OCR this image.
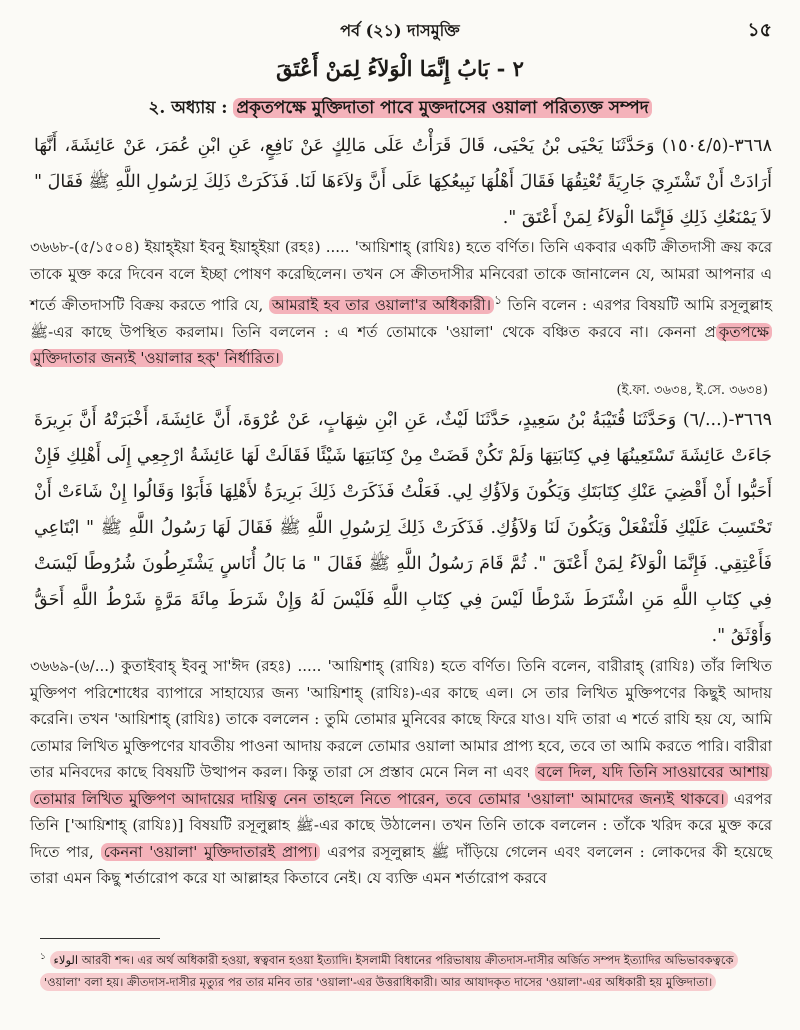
পর্ব (২১) দাসমুক্তি	১৫
٢ - بَابُ إِنَّمَا الْوَلاَءُ لِمَنْ أَعْتَقَ
২. অধ্যায় : প্রকৃতপক্ষে মুক্তিদাতা পাবে মুক্তদাসের ওয়ালা পরিত্যক্ত সম্পদ
٣٦٦٨-(١٥٠٤/٥) وَحَدَّثَنَا يَحْيَى بْنُ يَحْيَى، قَالَ قَرَأْتُ عَلَى مَالِكٍ عَنْ نَافِعٍ، عَنِ ابْنِ عُمَرَ، عَنْ عَائِشَةَ، أَنَّهَا أَرَادَتْ أَنْ تَشْتَرِيَ جَارِيَةً تُعْتِقُهَا فَقَالَ أَهْلُهَا نَبِيعُكِهَا عَلَى أَنَّ وَلاَءَهَا لَنَا. فَذَكَرَتْ ذَلِكَ لِرَسُولِ اللَّهِ ﷺ فَقَالَ " لاَ يَمْنَعُكِ ذَلِكِ فَإِنَّمَا الْوَلاَءُ لِمَنْ أَعْتَقَ ".
৩৬৬৮-(৫/১৫০৪) ইয়াহ্ইয়া ইবনু ইয়াহ্ইয়া (রহঃ) ..... 'আয়িশাহ্ (রাযিঃ) হতে বর্ণিত। তিনি একবার একটি ক্রীতদাসী ক্রয় করে তাকে মুক্ত করে দিবেন বলে ইচ্ছা পোষণ করেছিলেন। তখন সে ক্রীতদাসীর মনিবেরা তাকে জানালেন যে, আমরা আপনার এ শর্তে ক্রীতদাসটি বিক্রয় করতে পারি যে, আমরাই হব তার ওয়ালা'র অধিকারী। $^১$ তিনি বলেন : এরপর বিষয়টি আমি রসূলুল্লাহ ﷺ-এর কাছে উপস্থিত করলাম। তিনি বললেন : এ শর্ত তোমাকে 'ওয়ালা' থেকে বঞ্চিত করবে না। কেননা প্র কৃতপক্ষে মুক্তিদাতার জন্যই 'ওয়ালার হক্' নির্ধারিত।
(ই.ফা. ৩৬৩৪, ই.সে. ৩৬৩৪)
٣٦٦٩-(.../٦) وَحَدَّثَنَا قُتَيْبَةُ بْنُ سَعِيدٍ، حَدَّثَنَا لَيْثٌ، عَنِ ابْنِ شِهَابٍ، عَنْ عُرْوَةَ، أَنَّ عَائِشَةَ، أَخْبَرَتْهُ أَنَّ بَرِيرَةَ جَاءَتْ عَائِشَةَ تَسْتَعِينُهَا فِي كِتَابَتِهَا وَلَمْ تَكُنْ قَضَتْ مِنْ كِتَابَتِهَا شَيْئًا فَقَالَتْ لَهَا عَائِشَةُ ارْجِعِي إِلَى أَهْلِكِ فَإِنْ أَحَبُّوا أَنْ أَقْضِيَ عَنْكِ كِتَابَتَكِ وَيَكُونَ وَلاَؤُكِ لِي. فَعَلْتُ فَذَكَرَتْ ذَلِكَ بَرِيرَةُ لأَهْلِهَا فَأَبَوْا وَقَالُوا إِنْ شَاءَتْ أَنْ تَحْتَسِبَ عَلَيْكِ فَلْتَفْعَلْ وَيَكُونَ لَنَا وَلاَؤُكِ. فَذَكَرَتْ ذَلِكَ لِرَسُولِ اللَّهِ ﷺ فَقَالَ لَهَا رَسُولُ اللَّهِ ﷺ " ابْتَاعِي فَأَعْتِقِي. فَإِنَّمَا الْوَلاَءُ لِمَنْ أَعْتَقَ ". ثُمَّ قَامَ رَسُولُ اللَّهِ ﷺ فَقَالَ " مَا بَالُ أُنَاسٍ يَشْتَرِطُونَ شُرُوطًا لَيْسَتْ فِي كِتَابِ اللَّهِ مَنِ اشْتَرَطَ شَرْطًا لَيْسَ فِي كِتَابِ اللَّهِ فَلَيْسَ لَهُ وَإِنْ شَرَطَ مِائَةَ مَرَّةٍ شَرْطُ اللَّهِ أَحَقُّ وَأَوْثَقُ ".
৩৬৬৯-(৬/...) কুতাইবাহ্ ইবনু সা'ঈদ (রহঃ) ..... 'আয়িশাহ্ (রাযিঃ) হতে বর্ণিত। তিনি বলেন, বারীরাহ্ (রাযিঃ) তাঁর লিখিত মুক্তিপণ পরিশোধের ব্যাপারে সাহায্যের জন্য 'আয়িশাহ্ (রাযিঃ)-এর কাছে এল। সে তার লিখিত মুক্তিপণের কিছুই আদায় করেনি। তখন 'আয়িশাহ্ (রাযিঃ) তাকে বললেন : তুমি তোমার মুনিবের কাছে ফিরে যাও। যদি তারা এ শর্তে রাযি হয় যে, আমি তোমার লিখিত মুক্তিপণের যাবতীয় পাওনা আদায় করলে তোমার ওয়ালা আমার প্রাপ্য হবে, তবে তা আমি করতে পারি। বারীরা তার মনিবদের কাছে বিষয়টি উত্থাপন করল। কিন্তু তারা সে প্রস্তাব মেনে নিল না এবং বলে দিল, যদি তিনি সাওয়াবের আশায় তোমার লিখিত মুক্তিপণ আদায়ের দায়িত্ব নেন তাহলে নিতে পারেন, তবে তোমার 'ওয়ালা' আমাদের জন্যই থাকবে। এরপর তিনি ['আয়িশাহ্ (রাযিঃ)] বিষয়টি রসূলুল্লাহ ﷺ-এর কাছে উঠালেন। তখন তিনি তাকে বললেন : তাঁকে খরিদ করে মুক্ত করে দিতে পার, কেননা 'ওয়ালা' মুক্তিদাতারই প্রাপ্য। এরপর রসূলুল্লাহ ﷺ দাঁড়িয়ে গেলেন এবং বললেন : লোকদের কী হয়েছে তারা এমন কিছু শর্তারোপ করে যা আল্লাহর কিতাবে নেই। যে ব্যক্তি এমন শর্তারোপ করবে
$^১$ الولاء আরবী শব্দ। এর অর্থ অধিকারী হওয়া, স্বত্ববান হওয়া ইত্যাদি। ইসলামী বিধানের পরিভাষায় ক্রীতদাস-দাসীর অর্জিত সম্পদ ইত্যাদির অভিভাবকত্বকে 'ওয়ালা' বলা হয়। ক্রীতদাস-দাসীর মৃত্যুর পর তার মনিব তার 'ওয়ালা'-এর উত্তরাধিকারী। আর আযাদকৃত দাসের 'ওয়ালা'-এর অধিকারী হয় মুক্তিদাতা।
